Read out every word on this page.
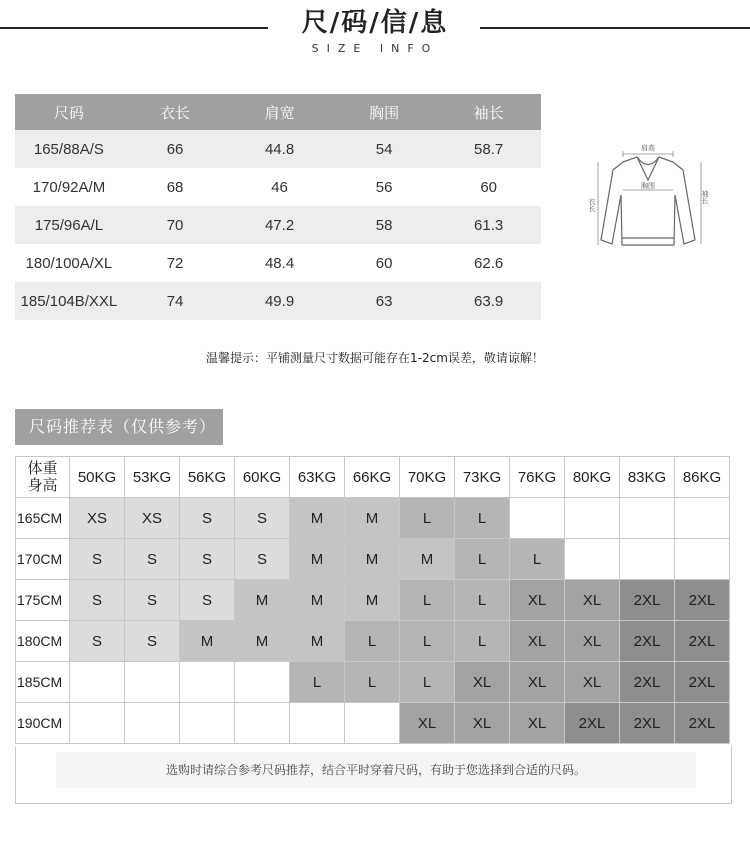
尺/码/信/息
SIZE INFO
尺码	衣长	肩宽	胸围	袖长
165/88A/S	66	44.8	54	58.7
170/92A/M	68	46	56	60
175/96A/L	70	47.2	58	61.3
180/100A/XL	72	48.4	60	62.6
185/104B/XXL	74	49.9	63	63.9
肩高
胸围
衣长
袖长
温馨提示：平铺测量尺寸数据可能存在1-2cm误差，敬请谅解！
尺码推荐表（仅供参考）
体重
身高	50KG	53KG	56KG	60KG	63KG	66KG	70KG	73KG	76KG	80KG	83KG	86KG
165CM	XS	XS	S	S	M	M	L	L				
170CM	S	S	S	S	M	M	M	L	L			
175CM	S	S	S	M	M	M	L	L	XL	XL	2XL	2XL
180CM	S	S	M	M	M	L	L	L	XL	XL	2XL	2XL
185CM					L	L	L	XL	XL	XL	2XL	2XL
190CM							XL	XL	XL	2XL	2XL	2XL
选购时请综合参考尺码推荐，结合平时穿着尺码，有助于您选择到合适的尺码。
